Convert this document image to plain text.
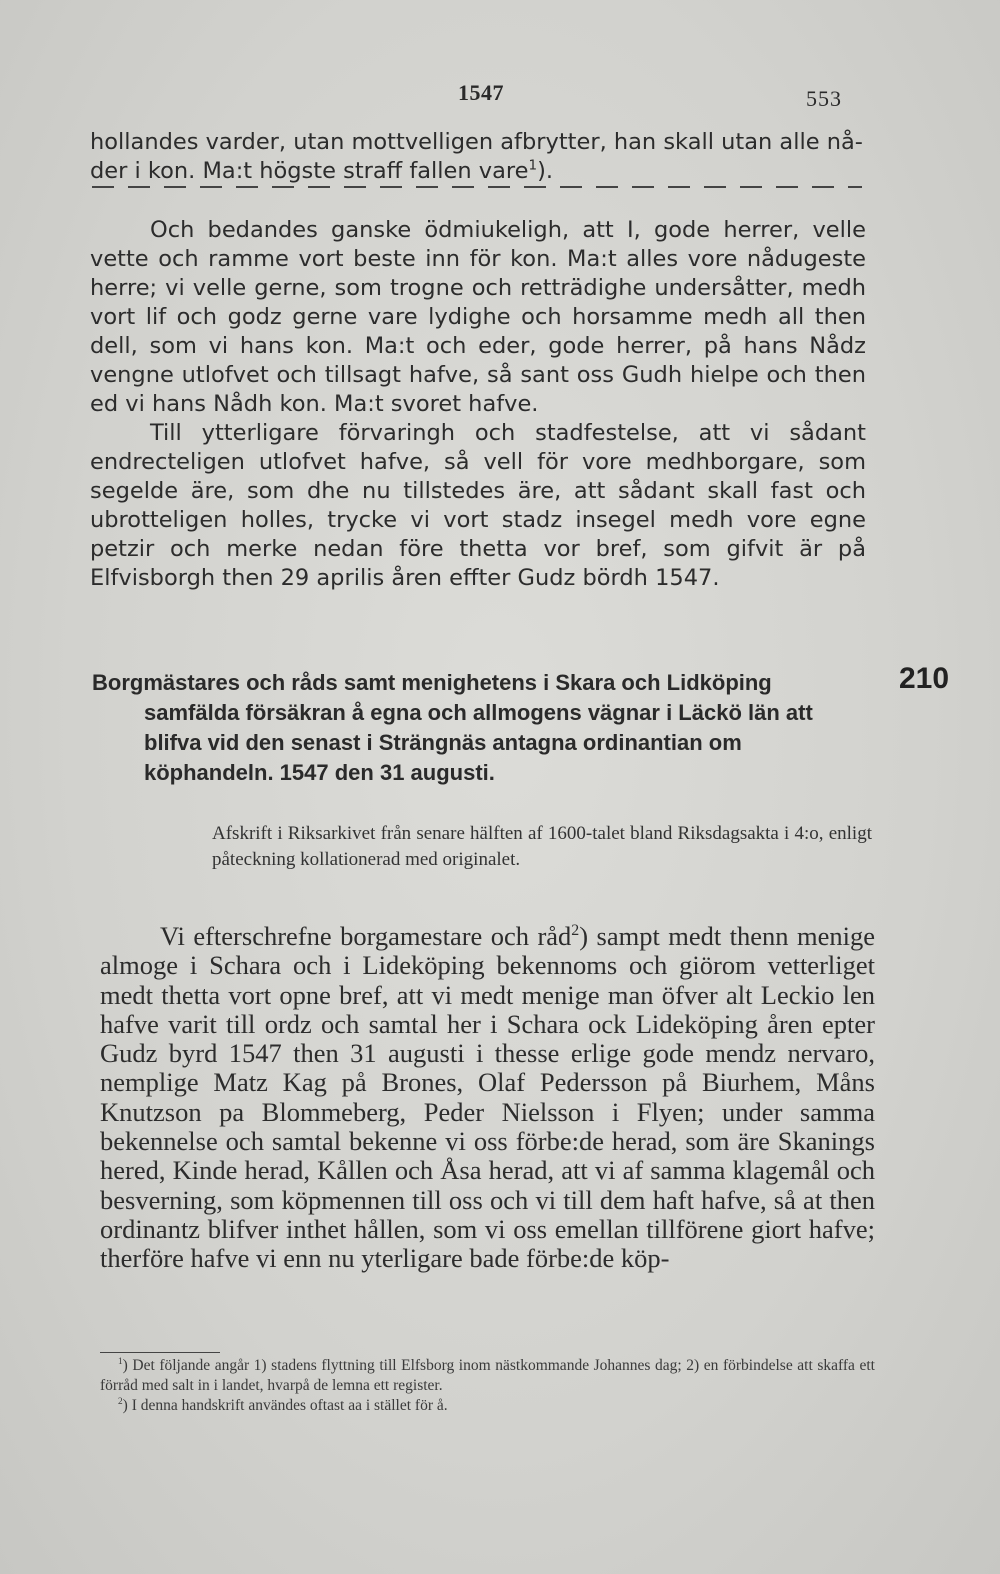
1547	553

hollandes varder, utan mottvelligen afbrytter, han skall utan alle nå-

der i kon. Ma:t högste straff fallen vare$^1$).

Och bedandes ganske ödmiukeligh, att I, gode herrer, velle vette och ramme vort beste inn för kon. Ma:t alles vore nådugeste herre; vi velle gerne, som trogne och retträdighe undersåtter, medh vort lif och godz gerne vare lydighe och horsamme medh all then dell, som vi hans kon. Ma:t och eder, gode herrer, på hans Nådz vengne utlofvet och tillsagt hafve, så sant oss Gudh hielpe och then ed vi hans Nådh kon. Ma:t svoret hafve.

Till ytterligare förvaringh och stadfestelse, att vi sådant endrecteligen utlofvet hafve, så vell för vore medhborgare, som segelde äre, som dhe nu tillstedes äre, att sådant skall fast och ubrotteligen holles, trycke vi vort stadz insegel medh vore egne petzir och merke nedan före thetta vor bref, som gifvit är på Elfvisborgh then 29 aprilis åren effter Gudz bördh 1547.

210
Borgmästares och råds samt menighetens i Skara och Lidköping
samfälda försäkran å egna och allmogens vägnar i Läckö län att blifva vid den senast i Strängnäs antagna ordinantian om köphandeln. 1547 den 31 augusti.
Afskrift i Riksarkivet från senare hälften af 1600-talet bland Riksdagsakta i 4:o, enligt påteckning kollationerad med originalet.

Vi efterschrefne borgamestare och råd$^2$) sampt medt thenn menige almoge i Schara och i Lideköping bekennoms och giörom vetterliget medt thetta vort opne bref, att vi medt menige man öfver alt Leckio len hafve varit till ordz och samtal her i Schara ock Lideköping åren epter Gudz byrd 1547 then 31 augusti i thesse erlige gode mendz nervaro, nemplige Matz Kag på Brones, Olaf Pedersson på Biurhem, Måns Knutzson pa Blommeberg, Peder Nielsson i Flyen; under samma bekennelse och samtal bekenne vi oss förbe:de herad, som äre Skanings hered, Kinde herad, Kållen och Åsa herad, att vi af samma klagemål och besverning, som köpmennen till oss och vi till dem haft hafve, så at then ordinantz blifver inthet hållen, som vi oss emellan tillförene giort hafve; therföre hafve vi enn nu yterligare bade förbe:de köp-

$^1$) Det följande angår 1) stadens flyttning till Elfsborg inom nästkommande Johannes dag; 2) en förbindelse att skaffa ett förråd med salt in i landet, hvarpå de lemna ett register.

$^2$) I denna handskrift användes oftast aa i stället för å.
